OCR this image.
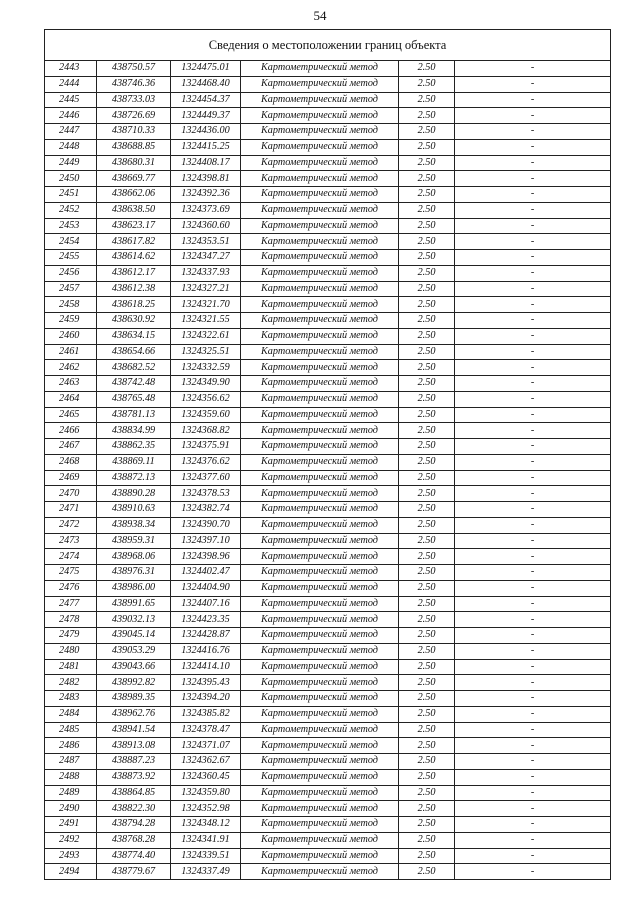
54
Сведения о местоположении границ объекта					
2443	438750.57	1324475.01	Картометрический метод	2.50	-
2444	438746.36	1324468.40	Картометрический метод	2.50	-
2445	438733.03	1324454.37	Картометрический метод	2.50	-
2446	438726.69	1324449.37	Картометрический метод	2.50	-
2447	438710.33	1324436.00	Картометрический метод	2.50	-
2448	438688.85	1324415.25	Картометрический метод	2.50	-
2449	438680.31	1324408.17	Картометрический метод	2.50	-
2450	438669.77	1324398.81	Картометрический метод	2.50	-
2451	438662.06	1324392.36	Картометрический метод	2.50	-
2452	438638.50	1324373.69	Картометрический метод	2.50	-
2453	438623.17	1324360.60	Картометрический метод	2.50	-
2454	438617.82	1324353.51	Картометрический метод	2.50	-
2455	438614.62	1324347.27	Картометрический метод	2.50	-
2456	438612.17	1324337.93	Картометрический метод	2.50	-
2457	438612.38	1324327.21	Картометрический метод	2.50	-
2458	438618.25	1324321.70	Картометрический метод	2.50	-
2459	438630.92	1324321.55	Картометрический метод	2.50	-
2460	438634.15	1324322.61	Картометрический метод	2.50	-
2461	438654.66	1324325.51	Картометрический метод	2.50	-
2462	438682.52	1324332.59	Картометрический метод	2.50	-
2463	438742.48	1324349.90	Картометрический метод	2.50	-
2464	438765.48	1324356.62	Картометрический метод	2.50	-
2465	438781.13	1324359.60	Картометрический метод	2.50	-
2466	438834.99	1324368.82	Картометрический метод	2.50	-
2467	438862.35	1324375.91	Картометрический метод	2.50	-
2468	438869.11	1324376.62	Картометрический метод	2.50	-
2469	438872.13	1324377.60	Картометрический метод	2.50	-
2470	438890.28	1324378.53	Картометрический метод	2.50	-
2471	438910.63	1324382.74	Картометрический метод	2.50	-
2472	438938.34	1324390.70	Картометрический метод	2.50	-
2473	438959.31	1324397.10	Картометрический метод	2.50	-
2474	438968.06	1324398.96	Картометрический метод	2.50	-
2475	438976.31	1324402.47	Картометрический метод	2.50	-
2476	438986.00	1324404.90	Картометрический метод	2.50	-
2477	438991.65	1324407.16	Картометрический метод	2.50	-
2478	439032.13	1324423.35	Картометрический метод	2.50	-
2479	439045.14	1324428.87	Картометрический метод	2.50	-
2480	439053.29	1324416.76	Картометрический метод	2.50	-
2481	439043.66	1324414.10	Картометрический метод	2.50	-
2482	438992.82	1324395.43	Картометрический метод	2.50	-
2483	438989.35	1324394.20	Картометрический метод	2.50	-
2484	438962.76	1324385.82	Картометрический метод	2.50	-
2485	438941.54	1324378.47	Картометрический метод	2.50	-
2486	438913.08	1324371.07	Картометрический метод	2.50	-
2487	438887.23	1324362.67	Картометрический метод	2.50	-
2488	438873.92	1324360.45	Картометрический метод	2.50	-
2489	438864.85	1324359.80	Картометрический метод	2.50	-
2490	438822.30	1324352.98	Картометрический метод	2.50	-
2491	438794.28	1324348.12	Картометрический метод	2.50	-
2492	438768.28	1324341.91	Картометрический метод	2.50	-
2493	438774.40	1324339.51	Картометрический метод	2.50	-
2494	438779.67	1324337.49	Картометрический метод	2.50	-
